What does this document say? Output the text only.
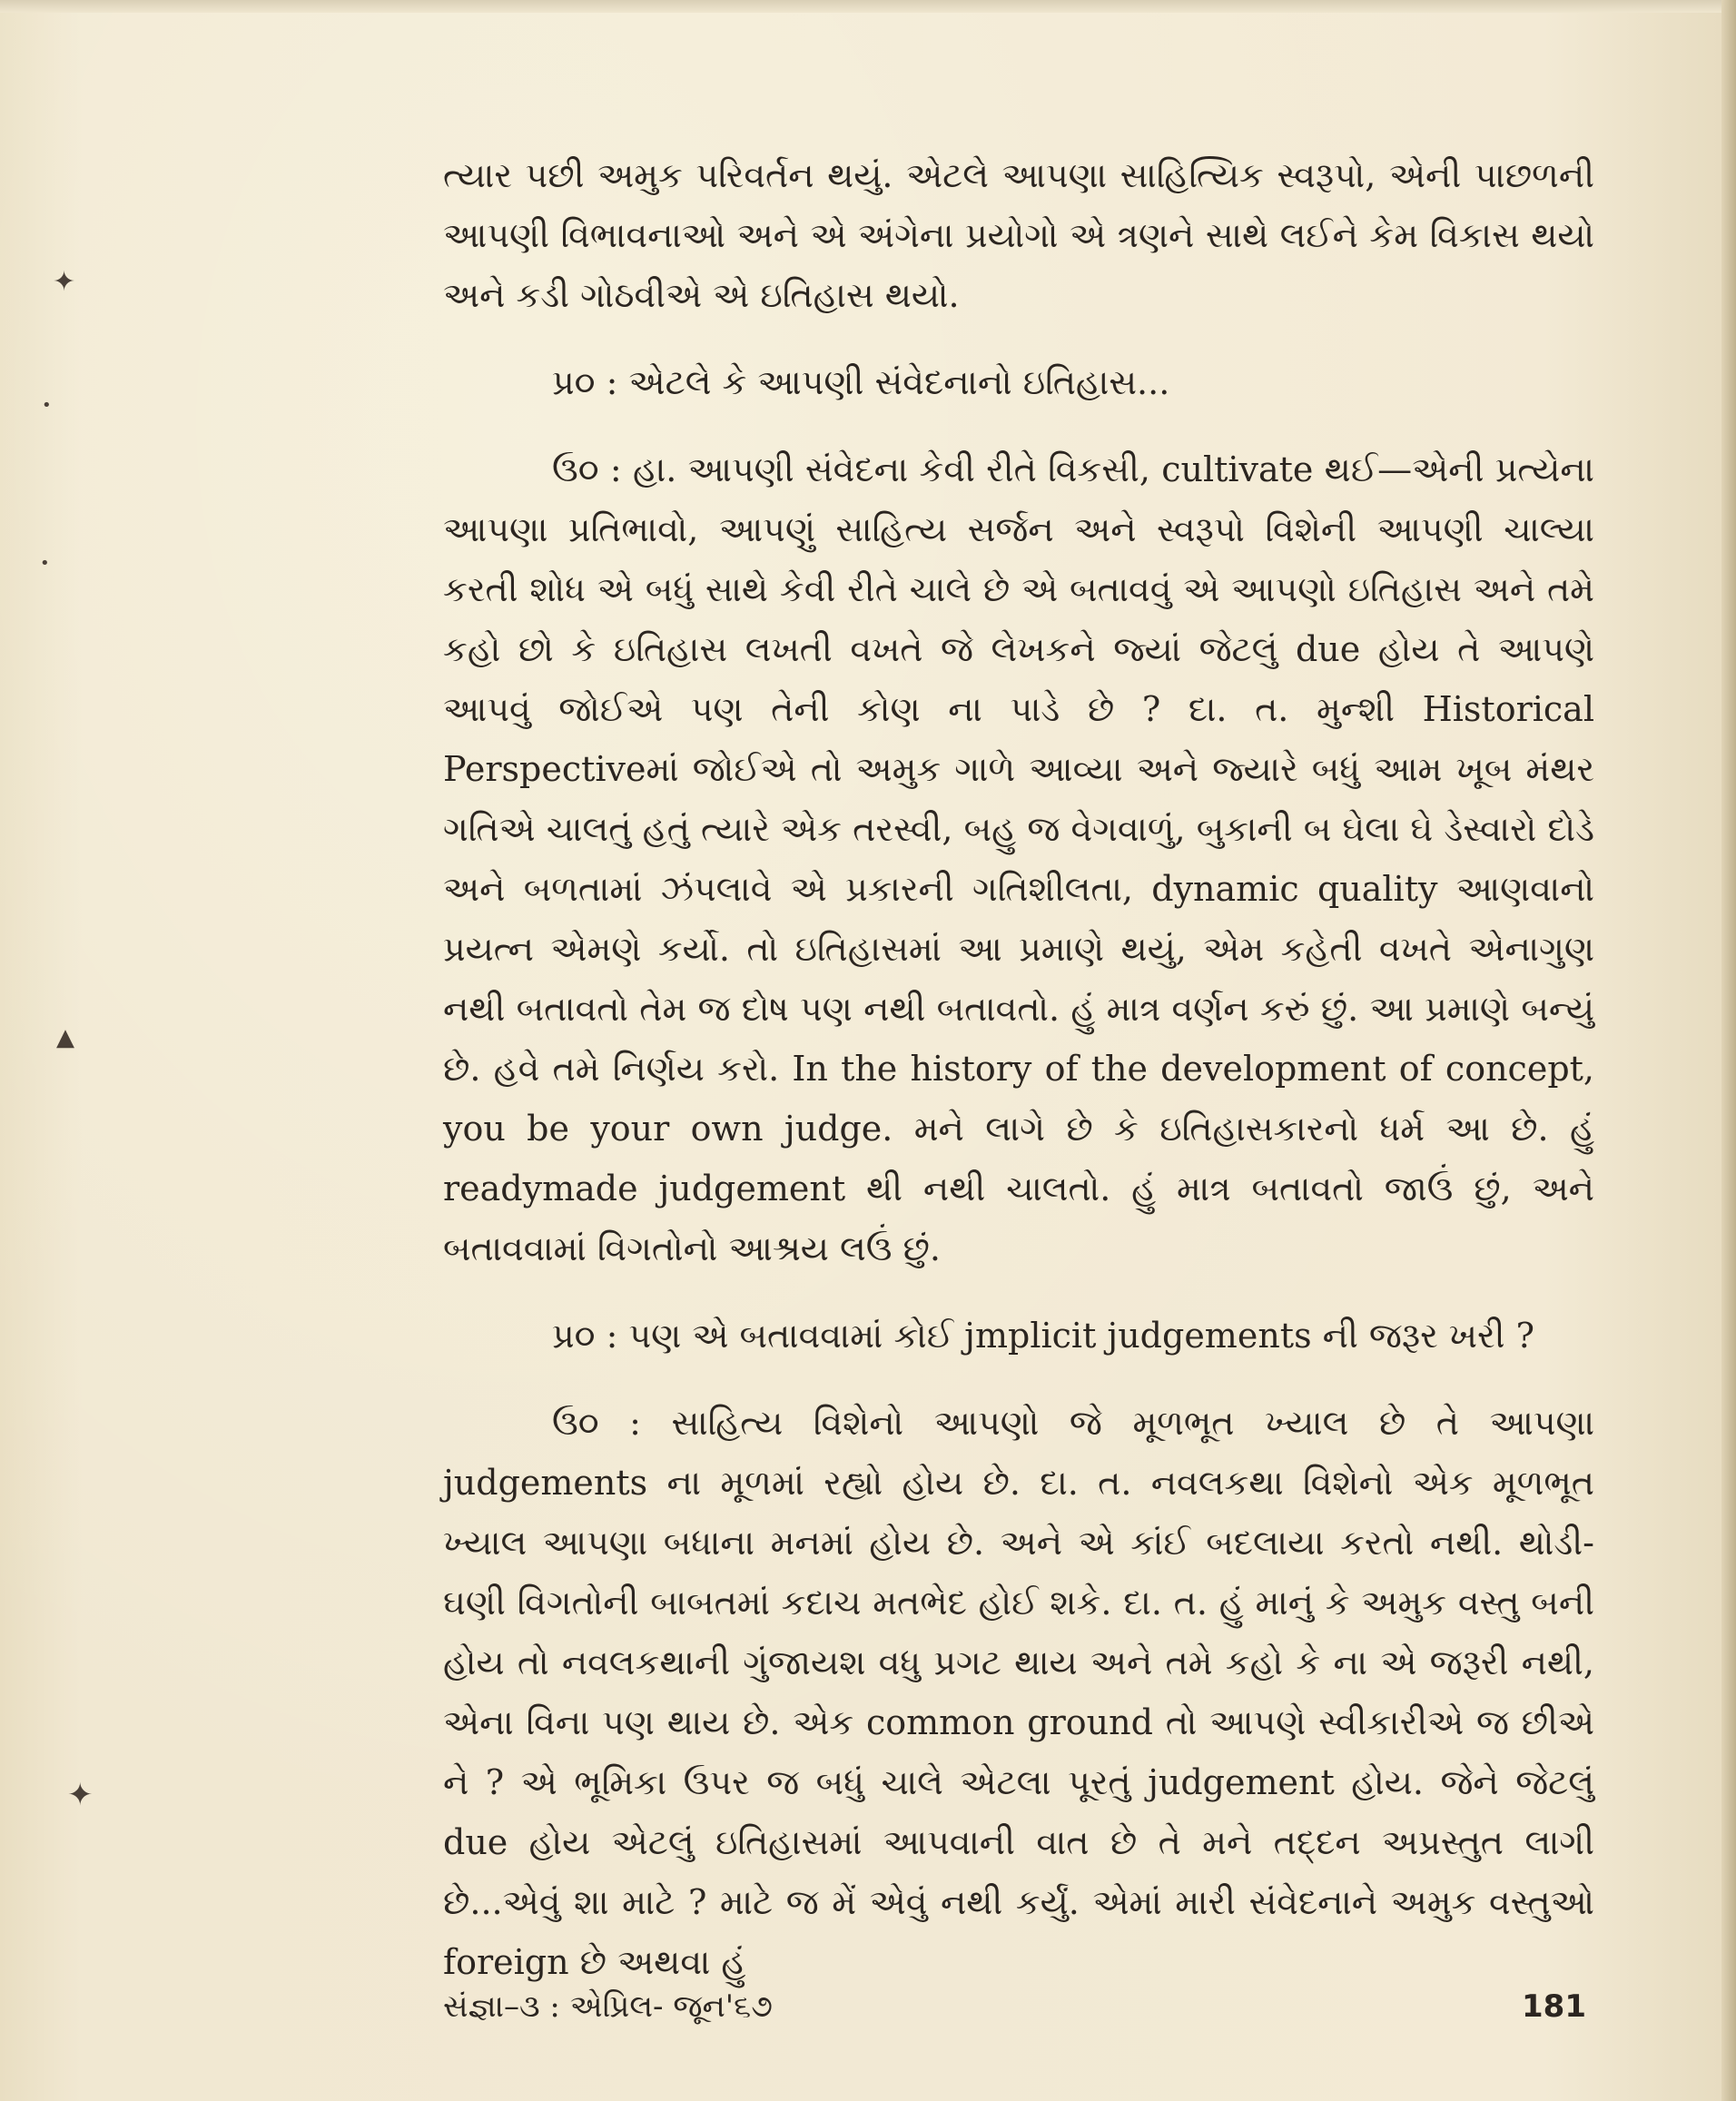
✦
•
•
▲
✦

ત્યાર પછી અમુક પરિવર્તન થયું. એટલે આપણા સાહિત્યિક સ્વરૂપો, એની પાછળની આપણી વિભાવનાઓ અને એ અંગેના પ્રયોગો એ ત્રણને સાથે લઈને કેમ વિકાસ થયો અને કડી ગોઠવીએ એ ઇતિહાસ થયો.

પ્ર૦ : એટલે કે આપણી સંવેદનાનો ઇતિહાસ...

ઉ૦ : હા. આપણી સંવેદના કેવી રીતે વિકસી, cultivate થઈ—એની પ્રત્યેના આપણા પ્રતિભાવો, આપણું સાહિત્ય સર્જન અને સ્વરૂપો વિશેની આપણી ચાલ્યા કરતી શોધ એ બધું સાથે કેવી રીતે ચાલે છે એ બતાવવું એ આપણો ઇતિહાસ અને તમે કહો છો કે ઇતિહાસ લખતી વખતે જે લેખકને જ્યાં જેટલું due હોય તે આપણે આપવું જોઈએ પણ તેની કોણ ના પાડે છે ? દા. ત. મુન્શી Historical Perspectiveમાં જોઈએ તો અમુક ગાળે આવ્યા અને જ્યારે બધું આમ ખૂબ મંથર ગતિએ ચાલતું હતું ત્યારે એક તરસ્વી, બહુ જ વેગવાળું, બુકાની બ ઘેલા ઘે ડેસ્વારો દોડે અને બળતામાં ઝંપલાવે એ પ્રકારની ગતિશીલતા, dynamic quality આણવાનો પ્રયત્ન એમણે કર્યો. તો ઇતિહાસમાં આ પ્રમાણે થયું, એમ કહેતી વખતે એનાગુણ નથી બતાવતો તેમ જ દોષ પણ નથી બતાવતો. હું માત્ર વર્ણન કરું છું. આ પ્રમાણે બન્યું છે. હવે તમે નિર્ણય કરો. In the history of the development of concept, you be your own judge. મને લાગે છે કે ઇતિહાસકારનો ધર્મ આ છે. હું readymade judgement થી નથી ચાલતો. હું માત્ર બતાવતો જાઉં છું, અને બતાવવામાં વિગતોનો આશ્રય લઉં છું.

પ્ર૦ : પણ એ બતાવવામાં કોઈ jmplicit judgements ની જરૂર ખરી ?

ઉ૦ : સાહિત્ય વિશેનો આપણો જે મૂળભૂત ખ્યાલ છે તે આપણા judgements ના મૂળમાં રહ્યો હોય છે. દા. ત. નવલકથા વિશેનો એક મૂળભૂત ખ્યાલ આપણા બધાના મનમાં હોય છે. અને એ કાંઈ બદલાયા કરતો નથી. થોડી-ઘણી વિગતોની બાબતમાં કદાચ મતભેદ હોઈ શકે. દા. ત. હું માનું કે અમુક વસ્તુ બની હોય તો નવલકથાની ગુંજાયશ વધુ પ્રગટ થાય અને તમે કહો કે ના એ જરૂરી નથી, એના વિના પણ થાય છે. એક common ground તો આપણે સ્વીકારીએ જ છીએ ને ? એ ભૂમિકા ઉપર જ બધું ચાલે એટલા પૂરતું judgement હોય. જેને જેટલું due હોય એટલું ઇતિહાસમાં આપવાની વાત છે તે મને તદ્દન અપ્રસ્તુત લાગી છે...એવું શા માટે ? માટે જ મેં એવું નથી કર્યું. એમાં મારી સંવેદનાને અમુક વસ્તુઓ foreign છે અથવા હું

સંજ્ઞા–૩ : એપ્રિલ- જૂન'૬૭	181
